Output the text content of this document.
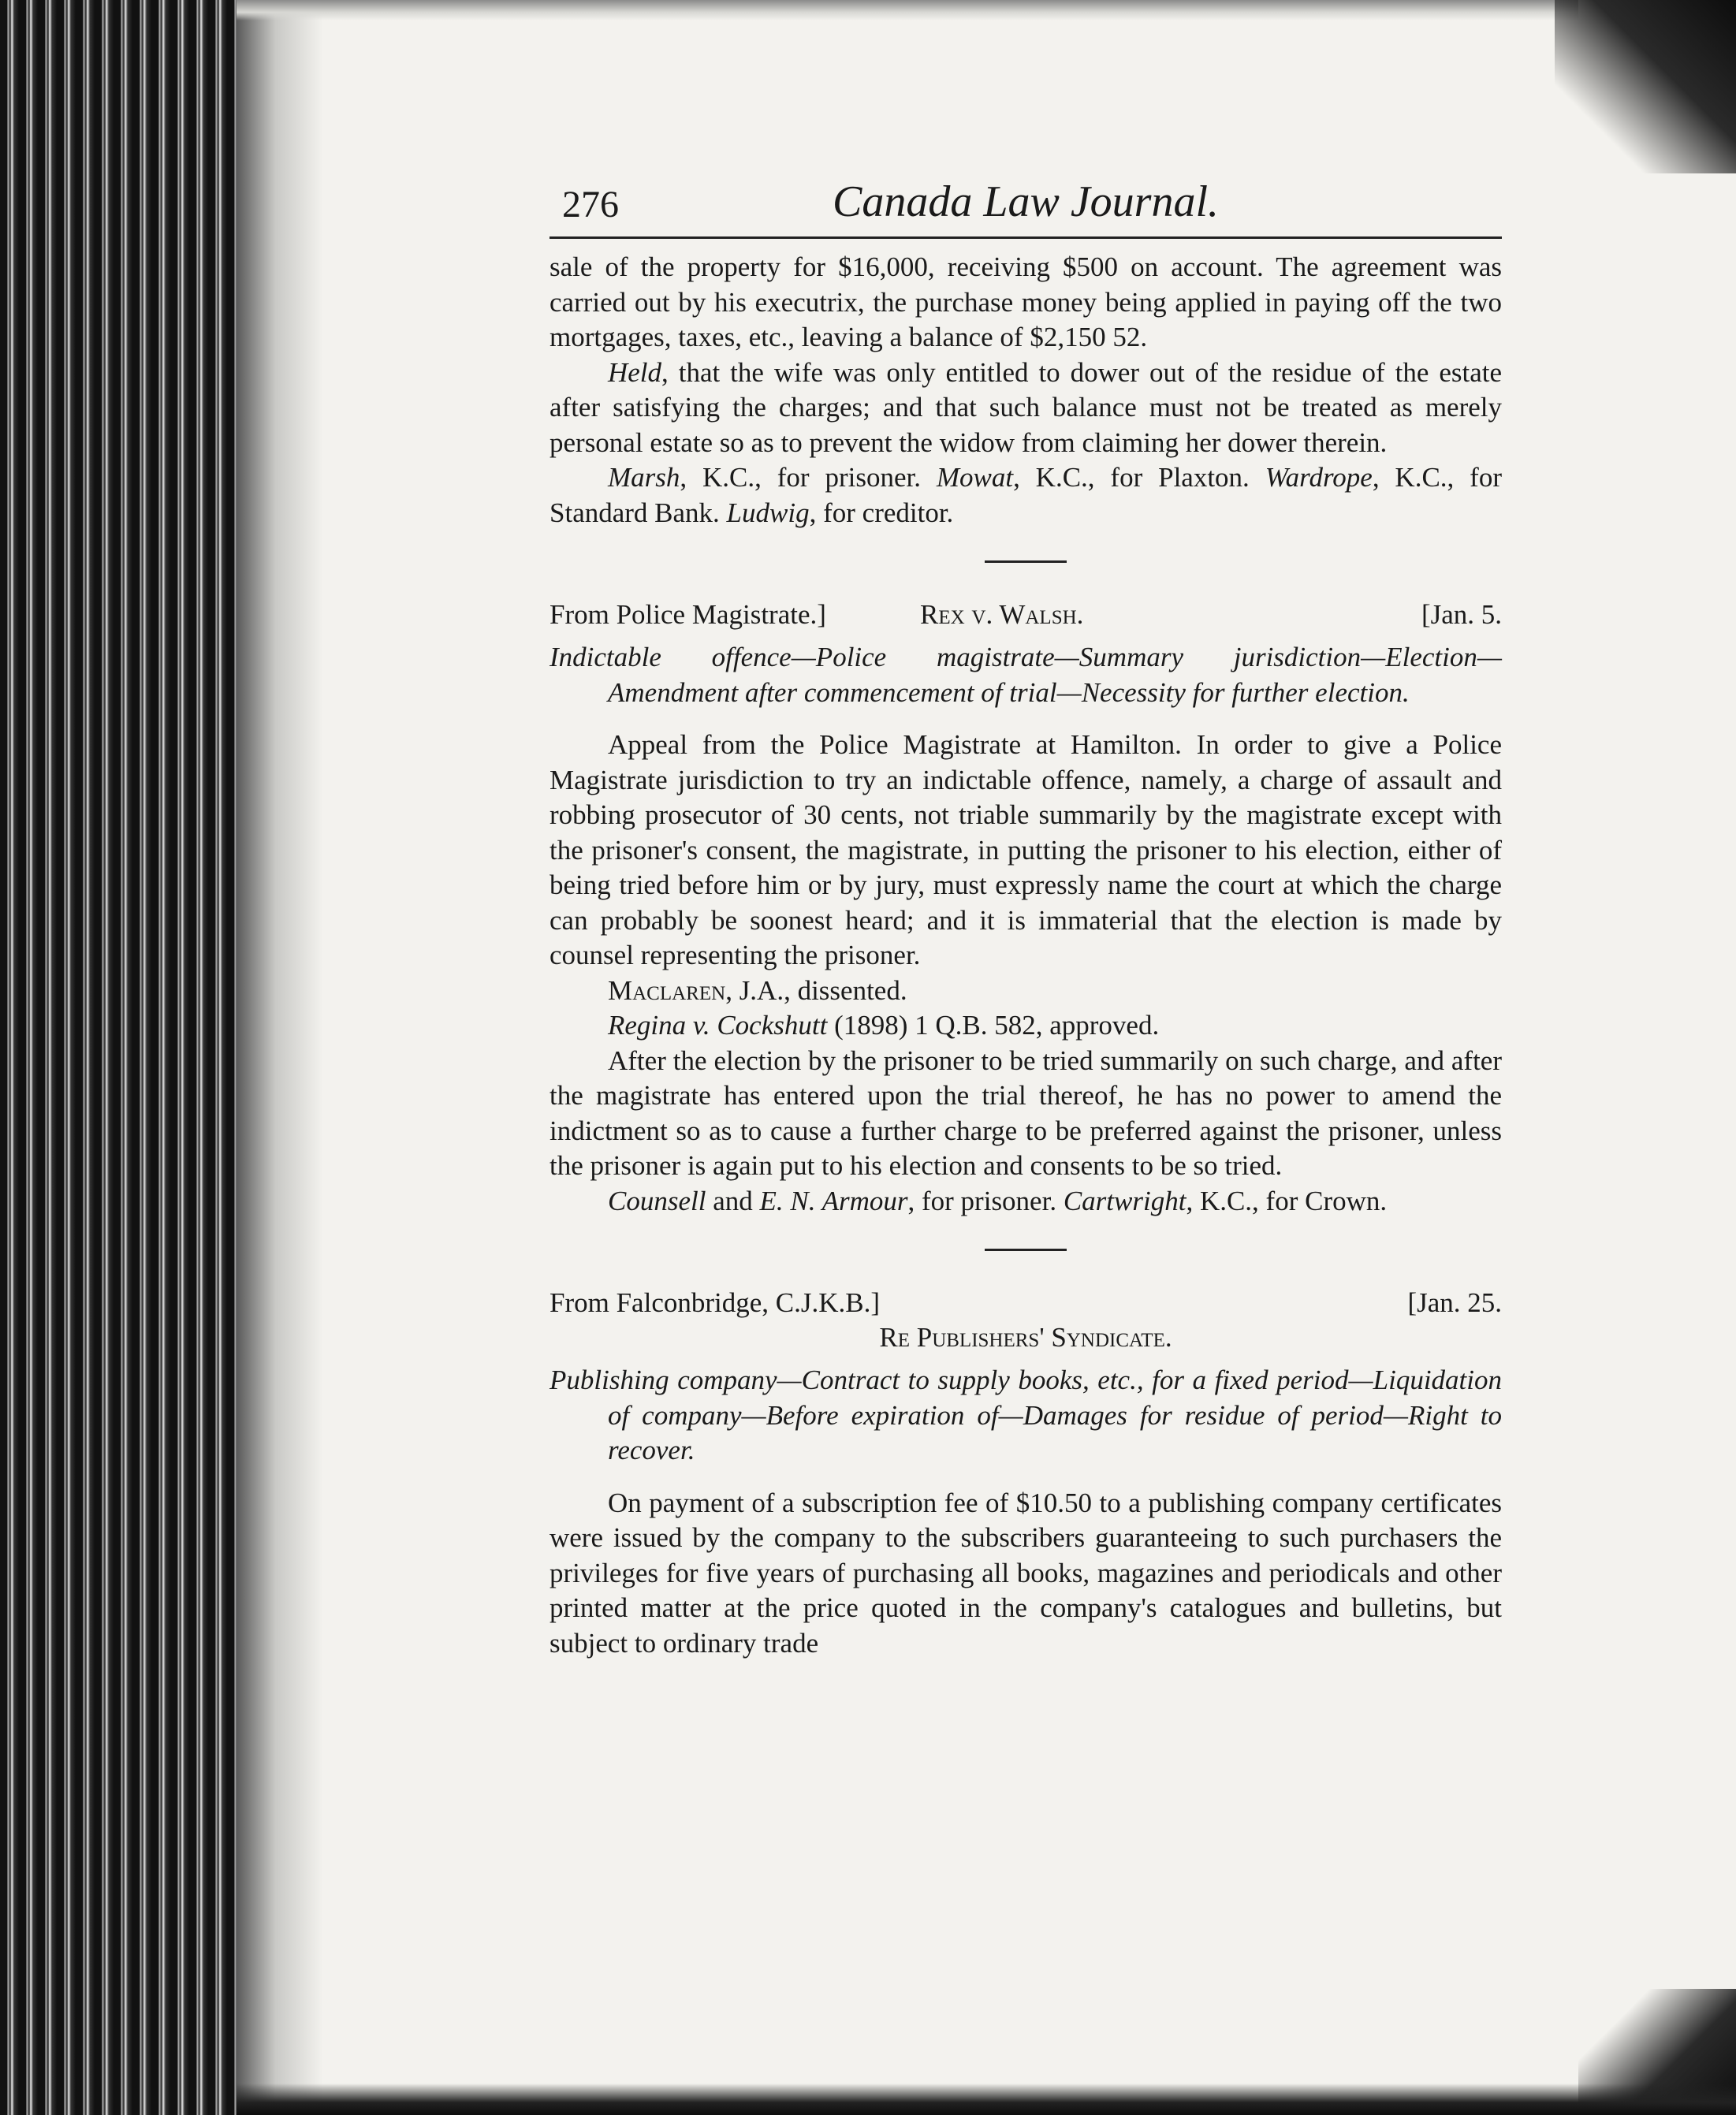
276	Canada Law Journal.

sale of the property for $16,000, receiving $500 on account. The agreement was carried out by his executrix, the purchase money being applied in paying off the two mortgages, taxes, etc., leaving a balance of $2,150 52.

Held, that the wife was only entitled to dower out of the residue of the estate after satisfying the charges; and that such balance must not be treated as merely personal estate so as to prevent the widow from claiming her dower therein.

Marsh, K.C., for prisoner. Mowat, K.C., for Plaxton. Wardrope, K.C., for Standard Bank. Ludwig, for creditor.

From Police Magistrate.]	Rex v. Walsh.	[Jan. 5.
Indictable offence—Police magistrate—Summary jurisdiction—Election—Amendment after commencement of trial—Necessity for further election.

Appeal from the Police Magistrate at Hamilton. In order to give a Police Magistrate jurisdiction to try an indictable offence, namely, a charge of assault and robbing prosecutor of 30 cents, not triable summarily by the magistrate except with the prisoner's consent, the magistrate, in putting the prisoner to his election, either of being tried before him or by jury, must expressly name the court at which the charge can probably be soonest heard; and it is immaterial that the election is made by counsel representing the prisoner.

Maclaren, J.A., dissented.

Regina v. Cockshutt (1898) 1 Q.B. 582, approved.

After the election by the prisoner to be tried summarily on such charge, and after the magistrate has entered upon the trial thereof, he has no power to amend the indictment so as to cause a further charge to be preferred against the prisoner, unless the prisoner is again put to his election and consents to be so tried.

Counsell and E. N. Armour, for prisoner. Cartwright, K.C., for Crown.

From Falconbridge, C.J.K.B.]	[Jan. 25.
Re Publishers' Syndicate.
Publishing company—Contract to supply books, etc., for a fixed period—Liquidation of company—Before expiration of—Damages for residue of period—Right to recover.

On payment of a subscription fee of $10.50 to a publishing company certificates were issued by the company to the subscribers guaranteeing to such purchasers the privileges for five years of purchasing all books, magazines and periodicals and other printed matter at the price quoted in the company's catalogues and bulletins, but subject to ordinary trade
